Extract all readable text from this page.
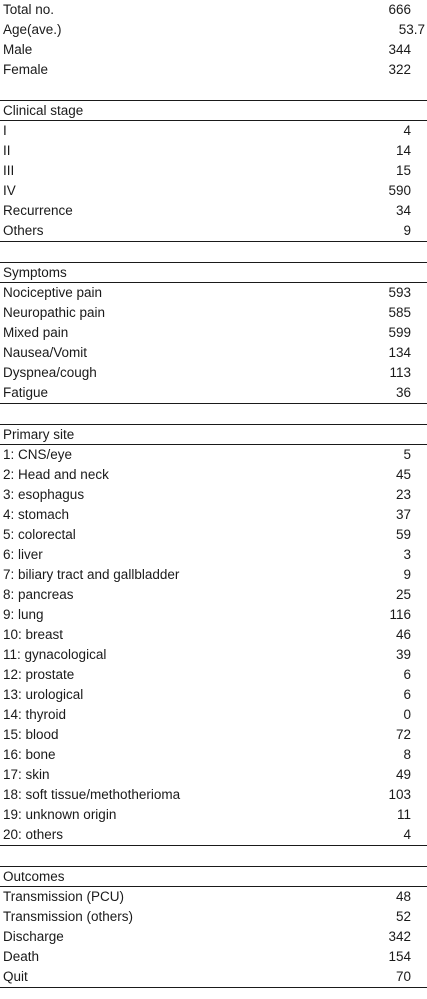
Total no.	666
Age(ave.)	53.7
Male	344
Female	322
Clinical stage
I	4
II	14
III	15
IV	590
Recurrence	34
Others	9
Symptoms
Nociceptive pain	593
Neuropathic pain	585
Mixed pain	599
Nausea/Vomit	134
Dyspnea/cough	113
Fatigue	36
Primary site
1: CNS/eye	5
2: Head and neck	45
3: esophagus	23
4: stomach	37
5: colorectal	59
6: liver	3
7: biliary tract and gallbladder	9
8: pancreas	25
9: lung	116
10: breast	46
11: gynacological	39
12: prostate	6
13: urological	6
14: thyroid	0
15: blood	72
16: bone	8
17: skin	49
18: soft tissue/methotherioma	103
19: unknown origin	11
20: others	4
Outcomes
Transmission (PCU)	48
Transmission (others)	52
Discharge	342
Death	154
Quit	70
